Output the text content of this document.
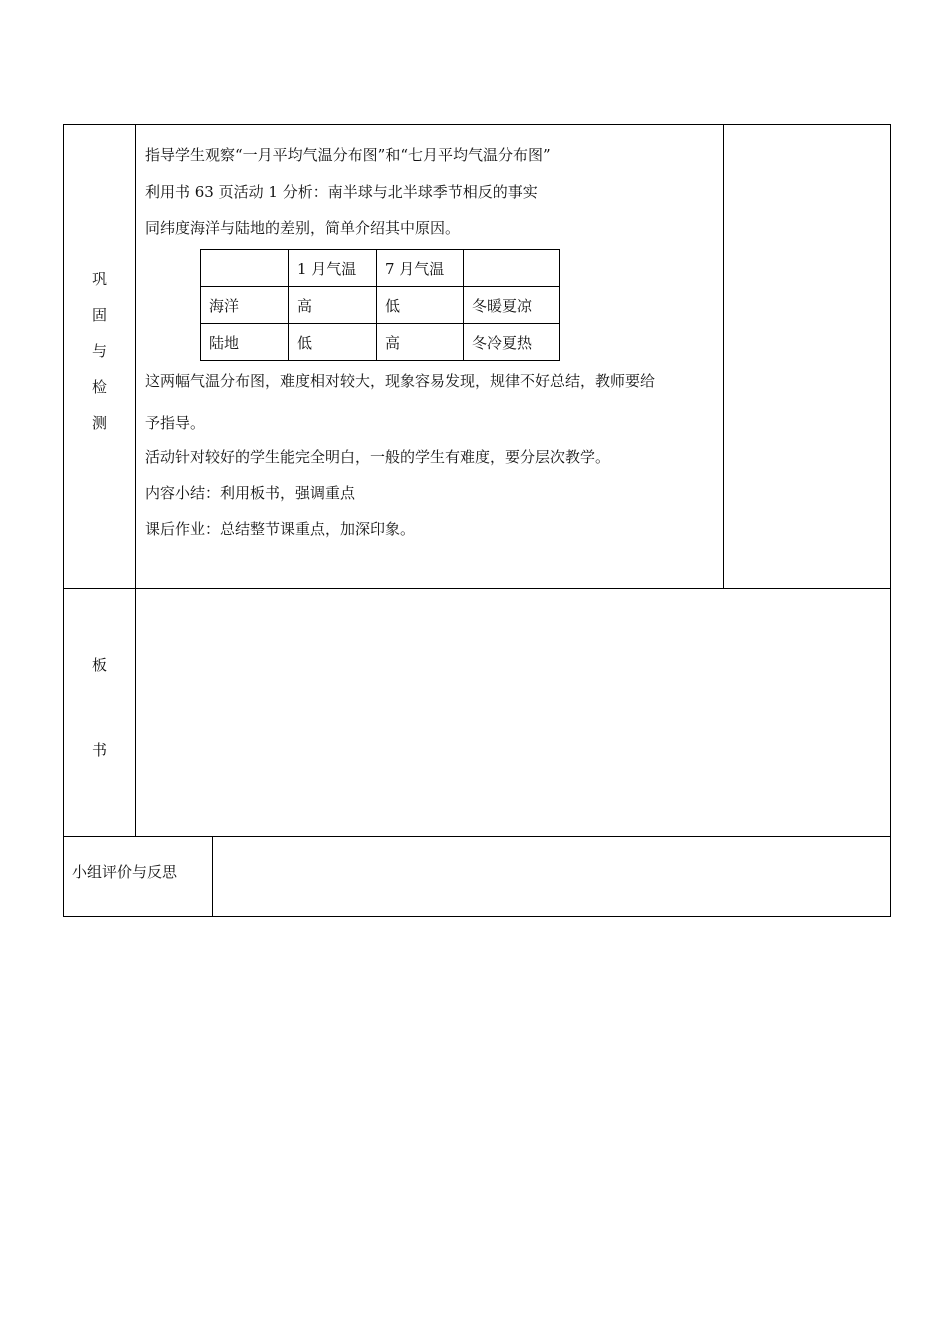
巩
固
与
检
测
指导学生观察“一月平均气温分布图”和“七月平均气温分布图”
利用书 63 页活动 1 分析：南半球与北半球季节相反的事实
同纬度海洋与陆地的差别，简单介绍其中原因。
	1 月气温	7 月气温	
海洋	高	低	冬暖夏凉
陆地	低	高	冬冷夏热
这两幅气温分布图，难度相对较大，现象容易发现，规律不好总结，教师要给
予指导。
活动针对较好的学生能完全明白，一般的学生有难度，要分层次教学。
内容小结：利用板书，强调重点
课后作业：总结整节课重点，加深印象。
板
书
小组评价与反思
